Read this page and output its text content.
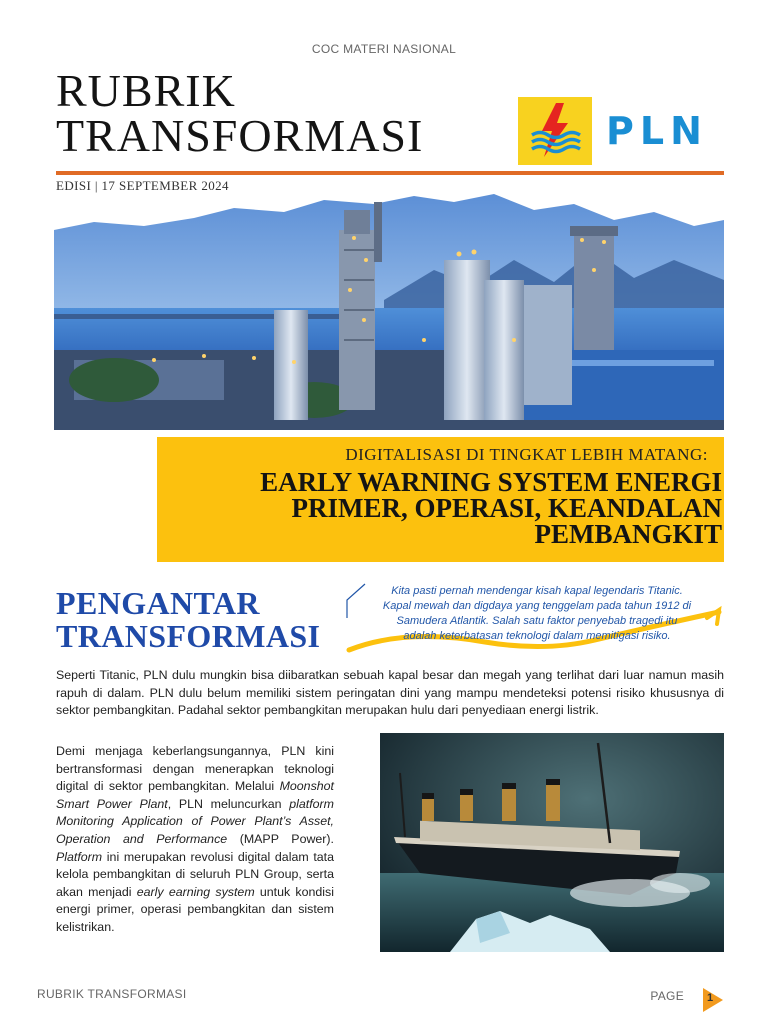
COC MATERI NASIONAL
RUBRIK
TRANSFORMASI	PLN
EDISI | 17 SEPTEMBER 2024
DIGITALISASI DI TINGKAT LEBIH MATANG:
EARLY WARNING SYSTEM ENERGI
PRIMER, OPERASI, KEANDALAN
PEMBANGKIT
PENGANTAR
TRANSFORMASI
Kita pasti pernah mendengar kisah kapal legendaris Titanic.
Kapal mewah dan digdaya yang tenggelam pada tahun 1912 di
Samudera Atlantik. Salah satu faktor penyebab tragedi itu
adalah keterbatasan teknologi dalam memitigasi risiko.

Seperti Titanic, PLN dulu mungkin bisa diibaratkan sebuah kapal besar dan megah yang terlihat dari luar namun masih rapuh di dalam. PLN dulu belum memiliki sistem peringatan dini yang mampu mendeteksi potensi risiko khususnya di sektor pembangkitan. Padahal sektor pembangkitan merupakan hulu dari penyediaan energi listrik.

Demi menjaga keberlangsungannya, PLN kini bertransformasi dengan menerapkan teknologi digital di sektor pembangkitan. Melalui Moonshot Smart Power Plant, PLN meluncurkan platform Monitoring Application of Power Plant’s Asset, Operation and Performance (MAPP Power). Platform ini merupakan revolusi digital dalam tata kelola pembangkitan di seluruh PLN Group, serta akan menjadi early earning system untuk kondisi energi primer, operasi pembangkitan dan sistem kelistrikan.

RUBRIK TRANSFORMASI	PAGE 1
